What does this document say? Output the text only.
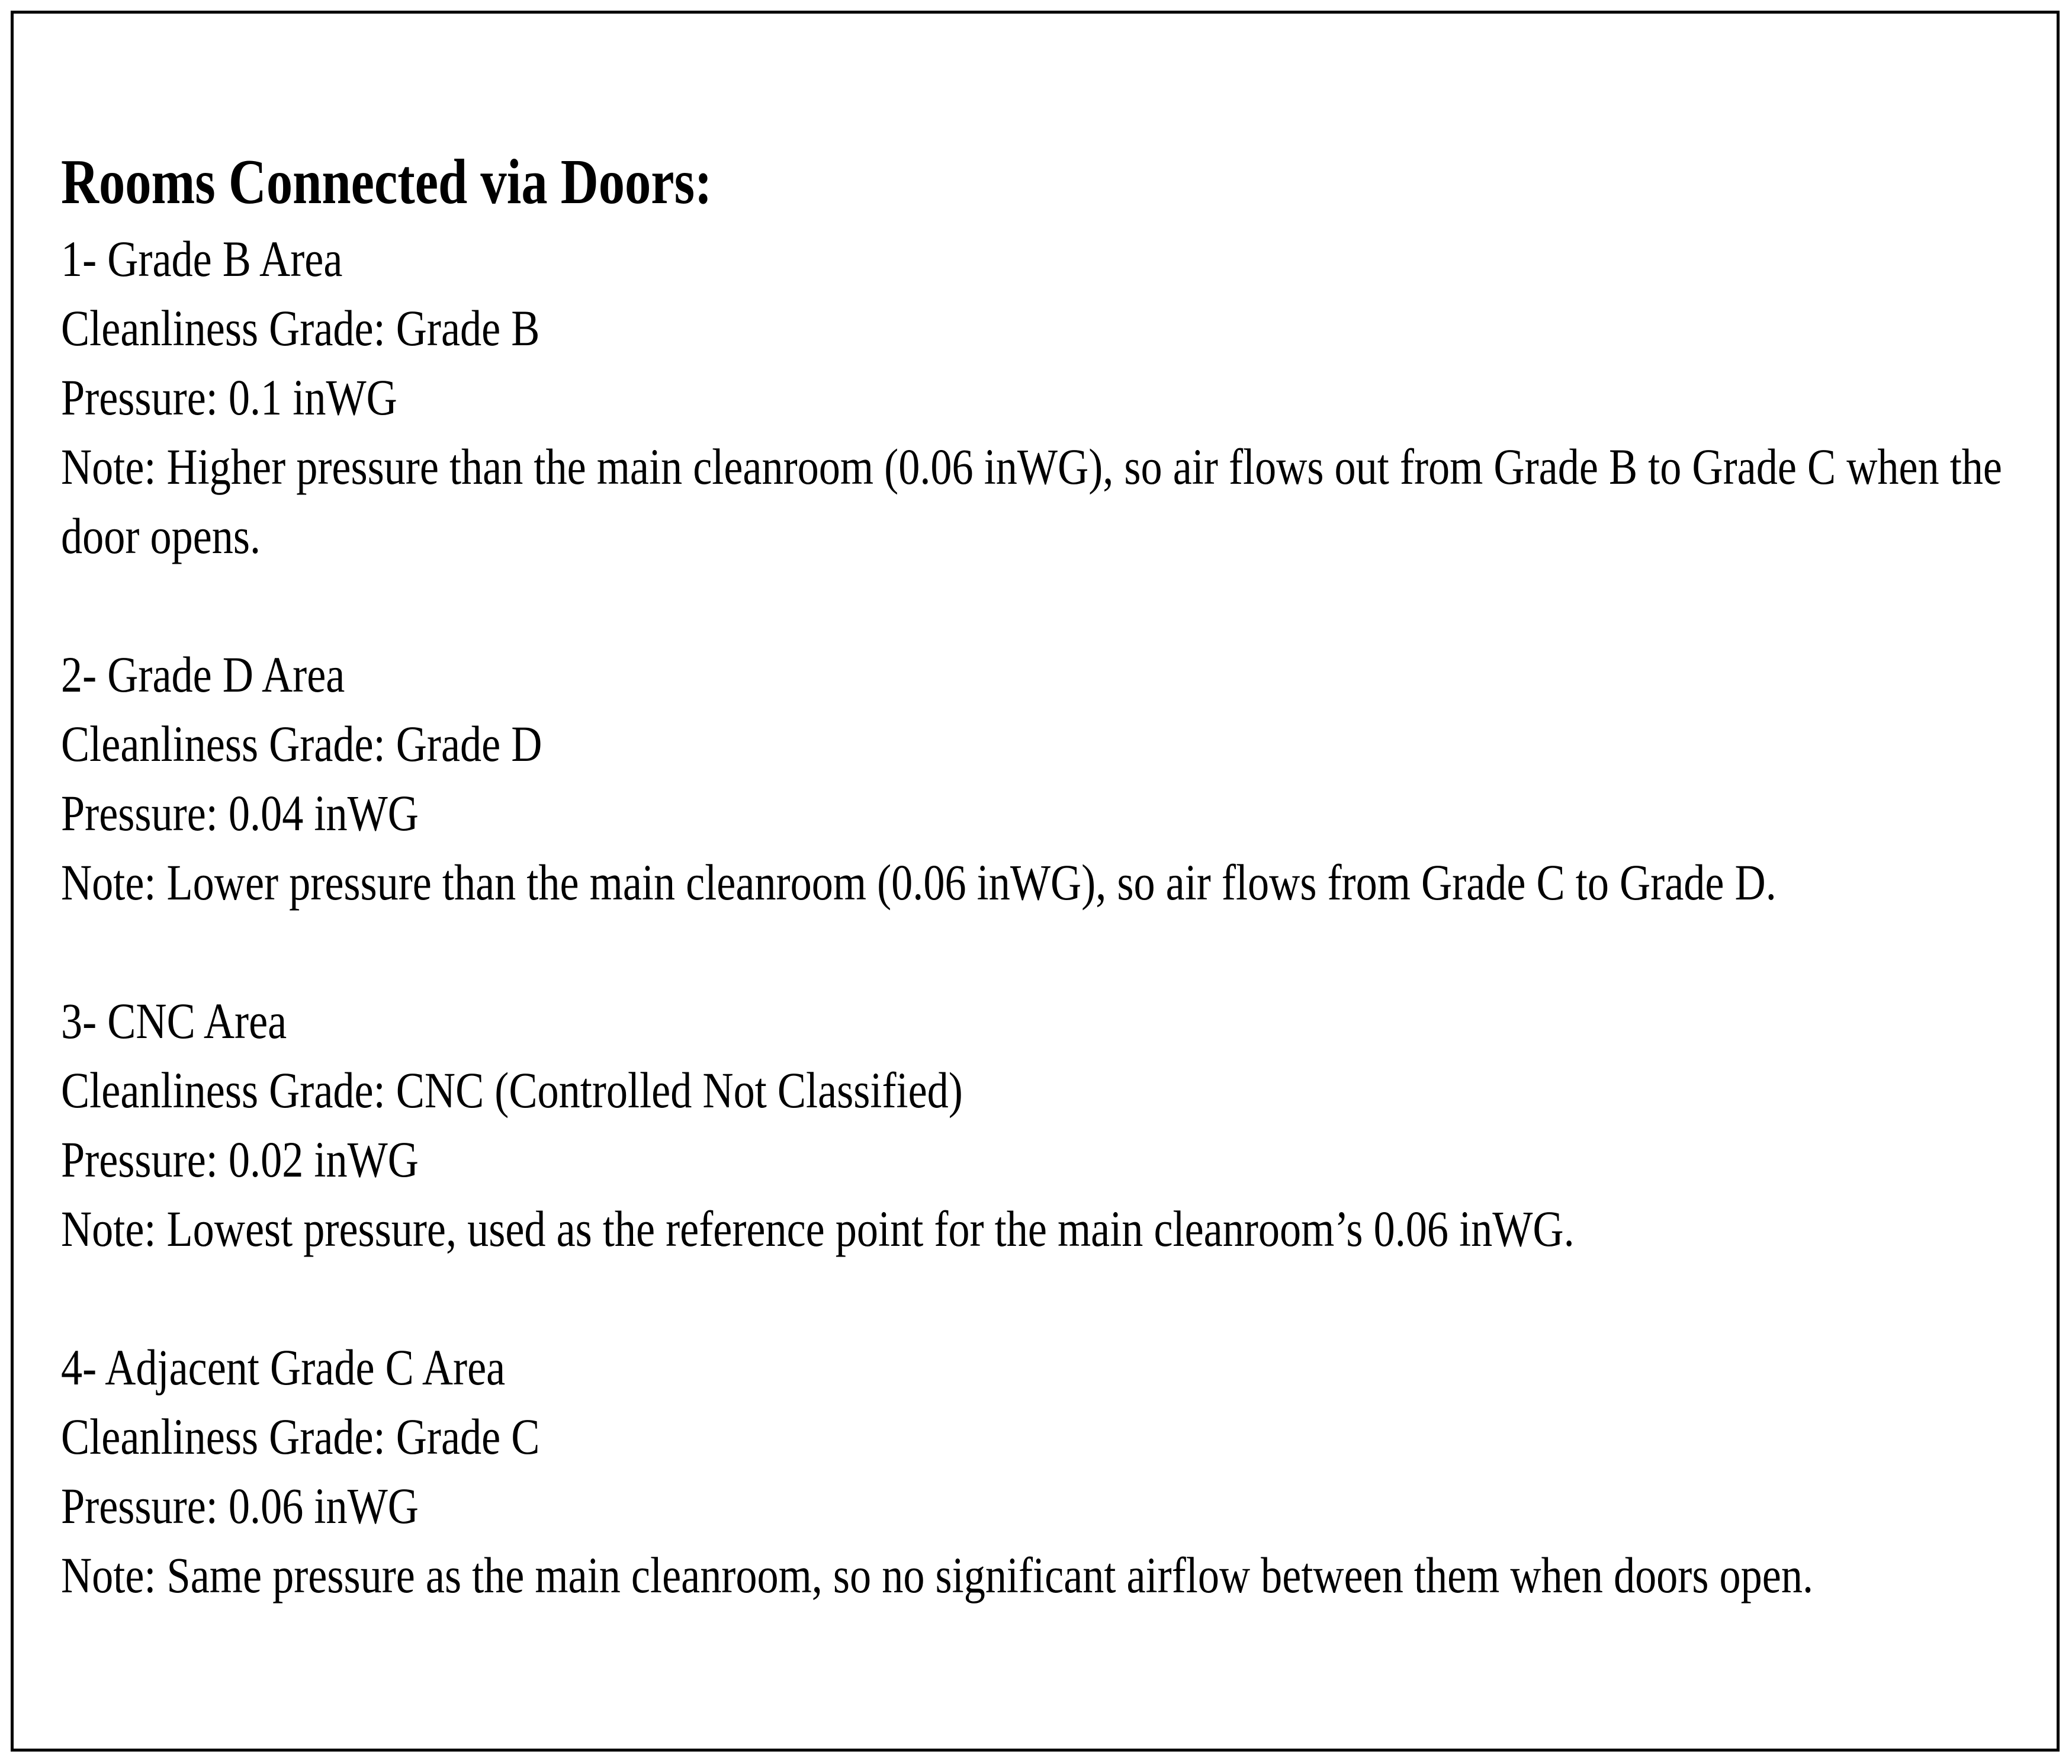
Rooms Connected via Doors:
1- Grade B Area
Cleanliness Grade: Grade B
Pressure: 0.1 inWG
Note: Higher pressure than the main cleanroom (0.06 inWG), so air flows out from Grade B to Grade C when the door opens.
2- Grade D Area
Cleanliness Grade: Grade D
Pressure: 0.04 inWG
Note: Lower pressure than the main cleanroom (0.06 inWG), so air flows from Grade C to Grade D.
3- CNC Area
Cleanliness Grade: CNC (Controlled Not Classified)
Pressure: 0.02 inWG
Note: Lowest pressure, used as the reference point for the main cleanroom’s 0.06 inWG.
4- Adjacent Grade C Area
Cleanliness Grade: Grade C
Pressure: 0.06 inWG
Note: Same pressure as the main cleanroom, so no significant airflow between them when doors open.
